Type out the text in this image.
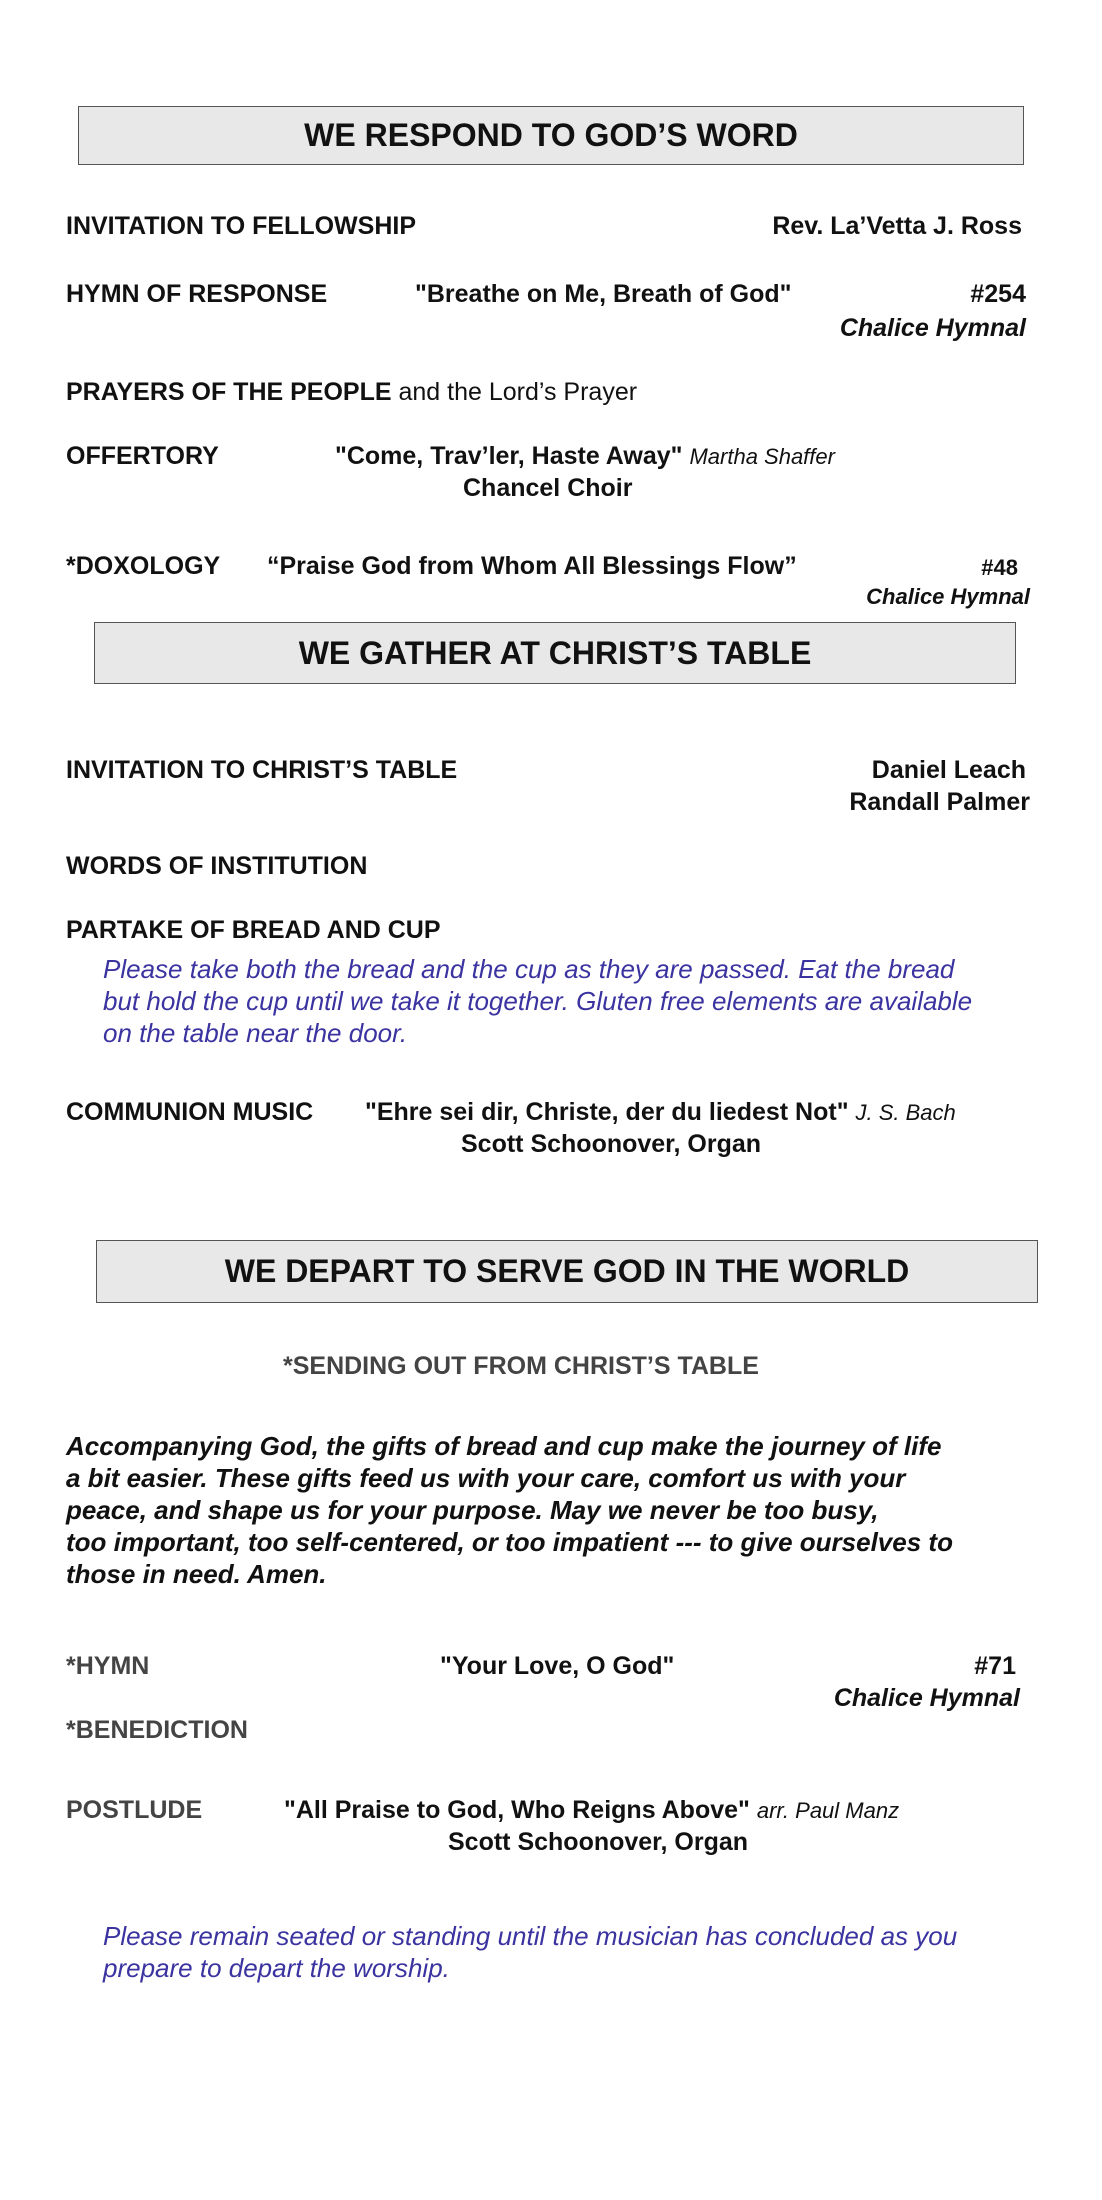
WE RESPOND TO GOD’S WORD
INVITATION TO FELLOWSHIP	Rev. La’Vetta J. Ross
HYMN OF RESPONSE	"Breathe on Me, Breath of God"	#254
Chalice Hymnal
PRAYERS OF THE PEOPLE and the Lord’s Prayer
OFFERTORY	"Come, Trav’ler, Haste Away" Martha Shaffer
Chancel Choir
*DOXOLOGY “Praise God from Whom All Blessings Flow”	#48
Chalice Hymnal
WE GATHER AT CHRIST’S TABLE
INVITATION TO CHRIST’S TABLE	Daniel Leach
Randall Palmer
WORDS OF INSTITUTION
PARTAKE OF BREAD AND CUP
Please take both the bread and the cup as they are passed. Eat the bread
but hold the cup until we take it together. Gluten free elements are available
on the table near the door.
COMMUNION MUSIC "Ehre sei dir, Christe, der du liedest Not" J. S. Bach
Scott Schoonover, Organ
WE DEPART TO SERVE GOD IN THE WORLD
*SENDING OUT FROM CHRIST’S TABLE
Accompanying God, the gifts of bread and cup make the journey of life
a bit easier. These gifts feed us with your care, comfort us with your
peace, and shape us for your purpose. May we never be too busy,
too important, too self-centered, or too impatient --- to give ourselves to
those in need. Amen.
*HYMN	"Your Love, O God"	#71
Chalice Hymnal
*BENEDICTION
POSTLUDE	"All Praise to God, Who Reigns Above" arr. Paul Manz
Scott Schoonover, Organ
Please remain seated or standing until the musician has concluded as you
prepare to depart the worship.
